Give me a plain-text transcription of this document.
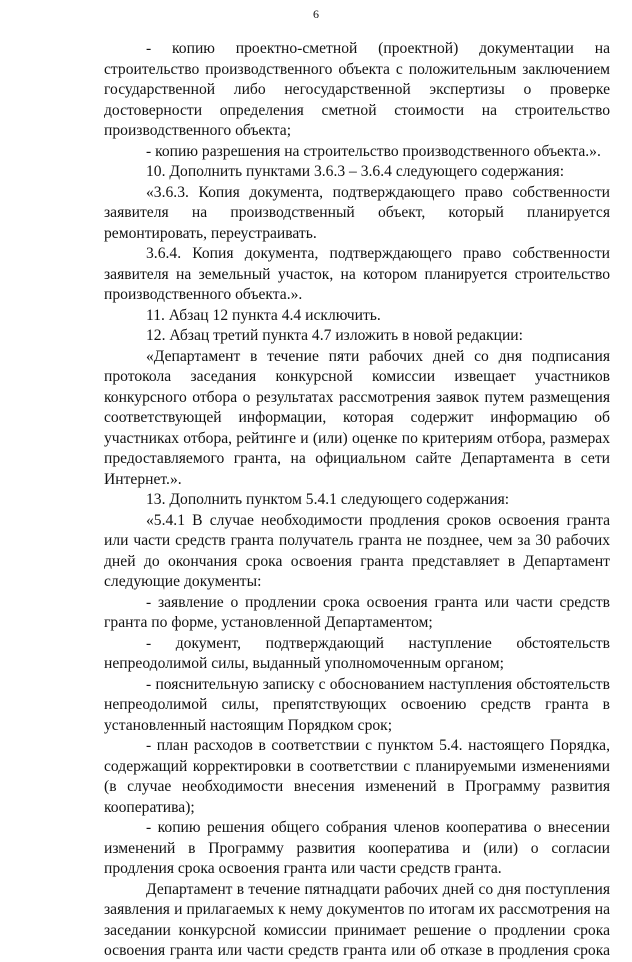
6

- копию проектно-сметной (проектной) документации на строительство производственного объекта с положительным заключением государственной либо негосударственной экспертизы о проверке достоверности определения сметной стоимости на строительство производственного объекта;

- копию разрешения на строительство производственного объекта.».

10. Дополнить пунктами 3.6.3 – 3.6.4 следующего содержания:

«3.6.3. Копия документа, подтверждающего право собственности заявителя на производственный объект, который планируется ремонтировать, переустраивать.

3.6.4. Копия документа, подтверждающего право собственности заявителя на земельный участок, на котором планируется строительство производственного объекта.».

11. Абзац 12 пункта 4.4 исключить.

12. Абзац третий пункта 4.7 изложить в новой редакции:

«Департамент в течение пяти рабочих дней со дня подписания протокола заседания конкурсной комиссии извещает участников конкурсного отбора о результатах рассмотрения заявок путем размещения соответствующей информации, которая содержит информацию об участниках отбора, рейтинге и (или) оценке по критериям отбора, размерах предоставляемого гранта, на официальном сайте Департамента в сети Интернет.».

13. Дополнить пунктом 5.4.1 следующего содержания:

«5.4.1 В случае необходимости продления сроков освоения гранта или части средств гранта получатель гранта не позднее, чем за 30 рабочих дней до окончания срока освоения гранта представляет в Департамент следующие документы:

- заявление о продлении срока освоения гранта или части средств гранта по форме, установленной Департаментом;

- документ, подтверждающий наступление обстоятельств непреодолимой силы, выданный уполномоченным органом;

- пояснительную записку с обоснованием наступления обстоятельств непреодолимой силы, препятствующих освоению средств гранта в установленный настоящим Порядком срок;

- план расходов в соответствии с пунктом 5.4. настоящего Порядка, содержащий корректировки в соответствии с планируемыми изменениями (в случае необходимости внесения изменений в Программу развития кооператива);

- копию решения общего собрания членов кооператива о внесении изменений в Программу развития кооператива и (или) о согласии продления срока освоения гранта или части средств гранта.

Департамент в течение пятнадцати рабочих дней со дня поступления заявления и прилагаемых к нему документов по итогам их рассмотрения на заседании конкурсной комиссии принимает решение о продлении срока освоения гранта или части средств гранта или об отказе в продления срока
